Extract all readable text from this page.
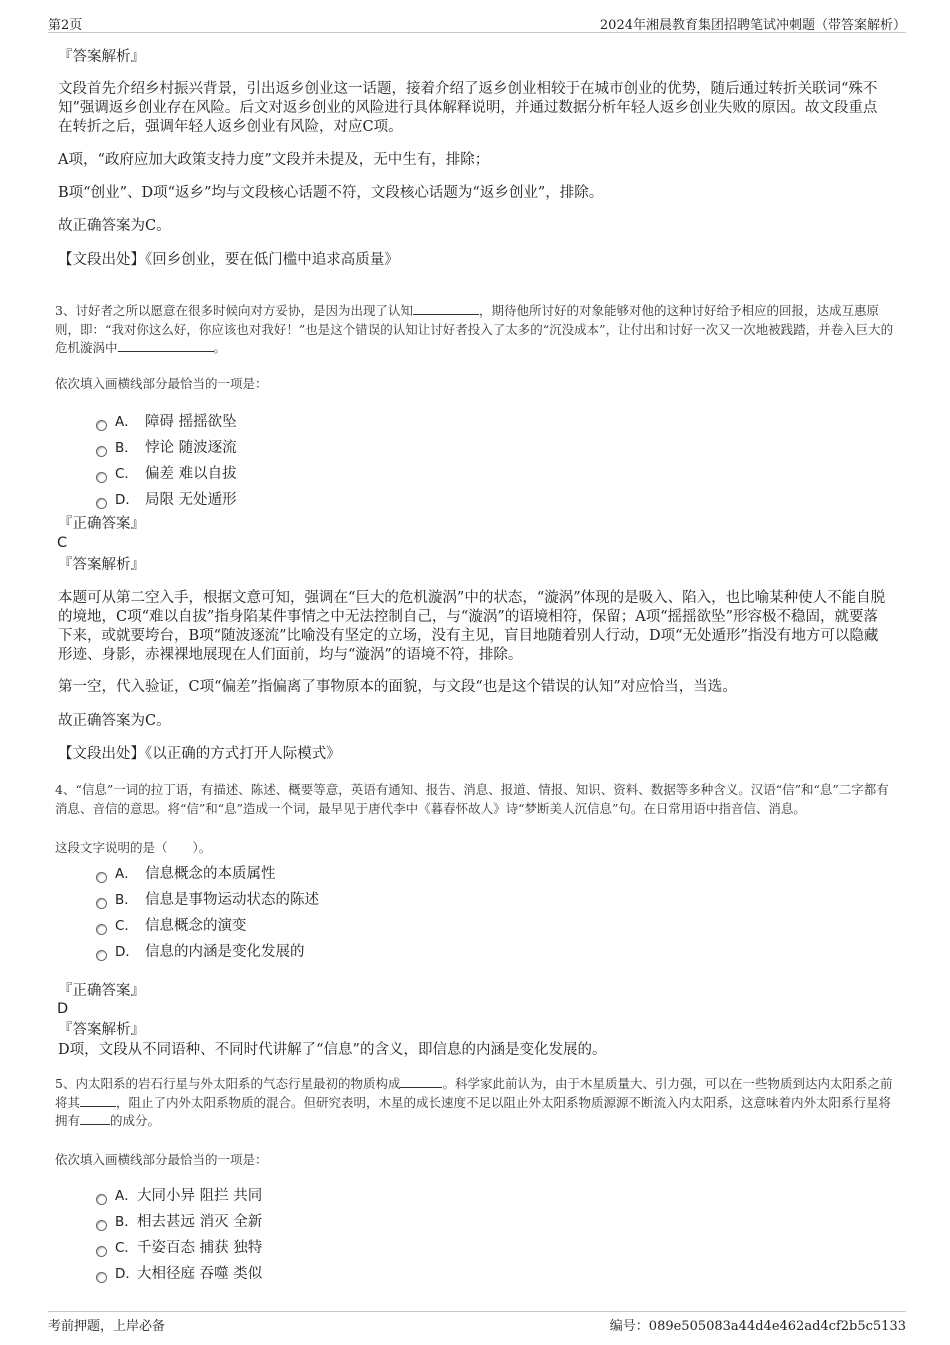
第2页	2024年湘晨教育集团招聘笔试冲刺题（带答案解析）
『答案解析』
文段首先介绍乡村振兴背景，引出返乡创业这一话题，接着介绍了返乡创业相较于在城市创业的优势，随后通过转折关联词“殊不知”强调返乡创业存在风险。后文对返乡创业的风险进行具体解释说明，并通过数据分析年轻人返乡创业失败的原因。故文段重点在转折之后，强调年轻人返乡创业有风险，对应C项。
A项，“政府应加大政策支持力度”文段并未提及，无中生有，排除；
B项“创业”、D项“返乡”均与文段核心话题不符，文段核心话题为“返乡创业”，排除。
故正确答案为C。
【文段出处】《回乡创业，要在低门槛中追求高质量》
3、讨好者之所以愿意在很多时候向对方妥协，是因为出现了认知	，期待他所讨好的对象能够对他的这种讨好给予相应的回报，达成互惠原则，即：“我对你这么好，你应该也对我好！”也是这个错误的认知让讨好者投入了太多的“沉没成本”，让付出和讨好一次又一次地被践踏，并卷入巨大的危机漩涡中	。
依次填入画横线部分最恰当的一项是：
A． 障碍 摇摇欲坠
B． 悖论 随波逐流
C． 偏差 难以自拔
D． 局限 无处遁形
『正确答案』
C
『答案解析』
本题可从第二空入手，根据文意可知，强调在“巨大的危机漩涡”中的状态，“漩涡”体现的是吸入、陷入，也比喻某种使人不能自脱的境地，C项“难以自拔”指身陷某件事情之中无法控制自己，与“漩涡”的语境相符，保留；A项“摇摇欲坠”形容极不稳固，就要落下来，或就要垮台，B项“随波逐流”比喻没有坚定的立场，没有主见，盲目地随着别人行动，D项“无处遁形”指没有地方可以隐藏形迹、身影，赤裸裸地展现在人们面前，均与“漩涡”的语境不符，排除。
第一空，代入验证，C项“偏差”指偏离了事物原本的面貌，与文段“也是这个错误的认知”对应恰当，当选。
故正确答案为C。
【文段出处】《以正确的方式打开人际模式》
4、“信息”一词的拉丁语，有描述、陈述、概要等意，英语有通知、报告、消息、报道、情报、知识、资料、数据等多种含义。汉语“信”和“息”二字都有消息、音信的意思。将“信”和“息”造成一个词，最早见于唐代李中《暮春怀故人》诗“梦断美人沉信息”句。在日常用语中指音信、消息。
这段文字说明的是（　　）。
A． 信息概念的本质属性
B． 信息是事物运动状态的陈述
C． 信息概念的演变
D． 信息的内涵是变化发展的
『正确答案』
D
『答案解析』
D项，文段从不同语种、不同时代讲解了“信息”的含义，即信息的内涵是变化发展的。
5、内太阳系的岩石行星与外太阳系的气态行星最初的物质构成	。科学家此前认为，由于木星质量大、引力强，可以在一些物质到达内太阳系之前将其	，阻止了内外太阳系物质的混合。但研究表明，木星的成长速度不足以阻止外太阳系物质源源不断流入内太阳系，这意味着内外太阳系行星将拥有 的成分。
依次填入画横线部分最恰当的一项是：
A．大同小异 阻拦 共同
B．相去甚远 消灭 全新
C．千姿百态 捕获 独特
D．大相径庭 吞噬 类似
考前押题，上岸必备	编号：089e505083a44d4e462ad4cf2b5c5133
